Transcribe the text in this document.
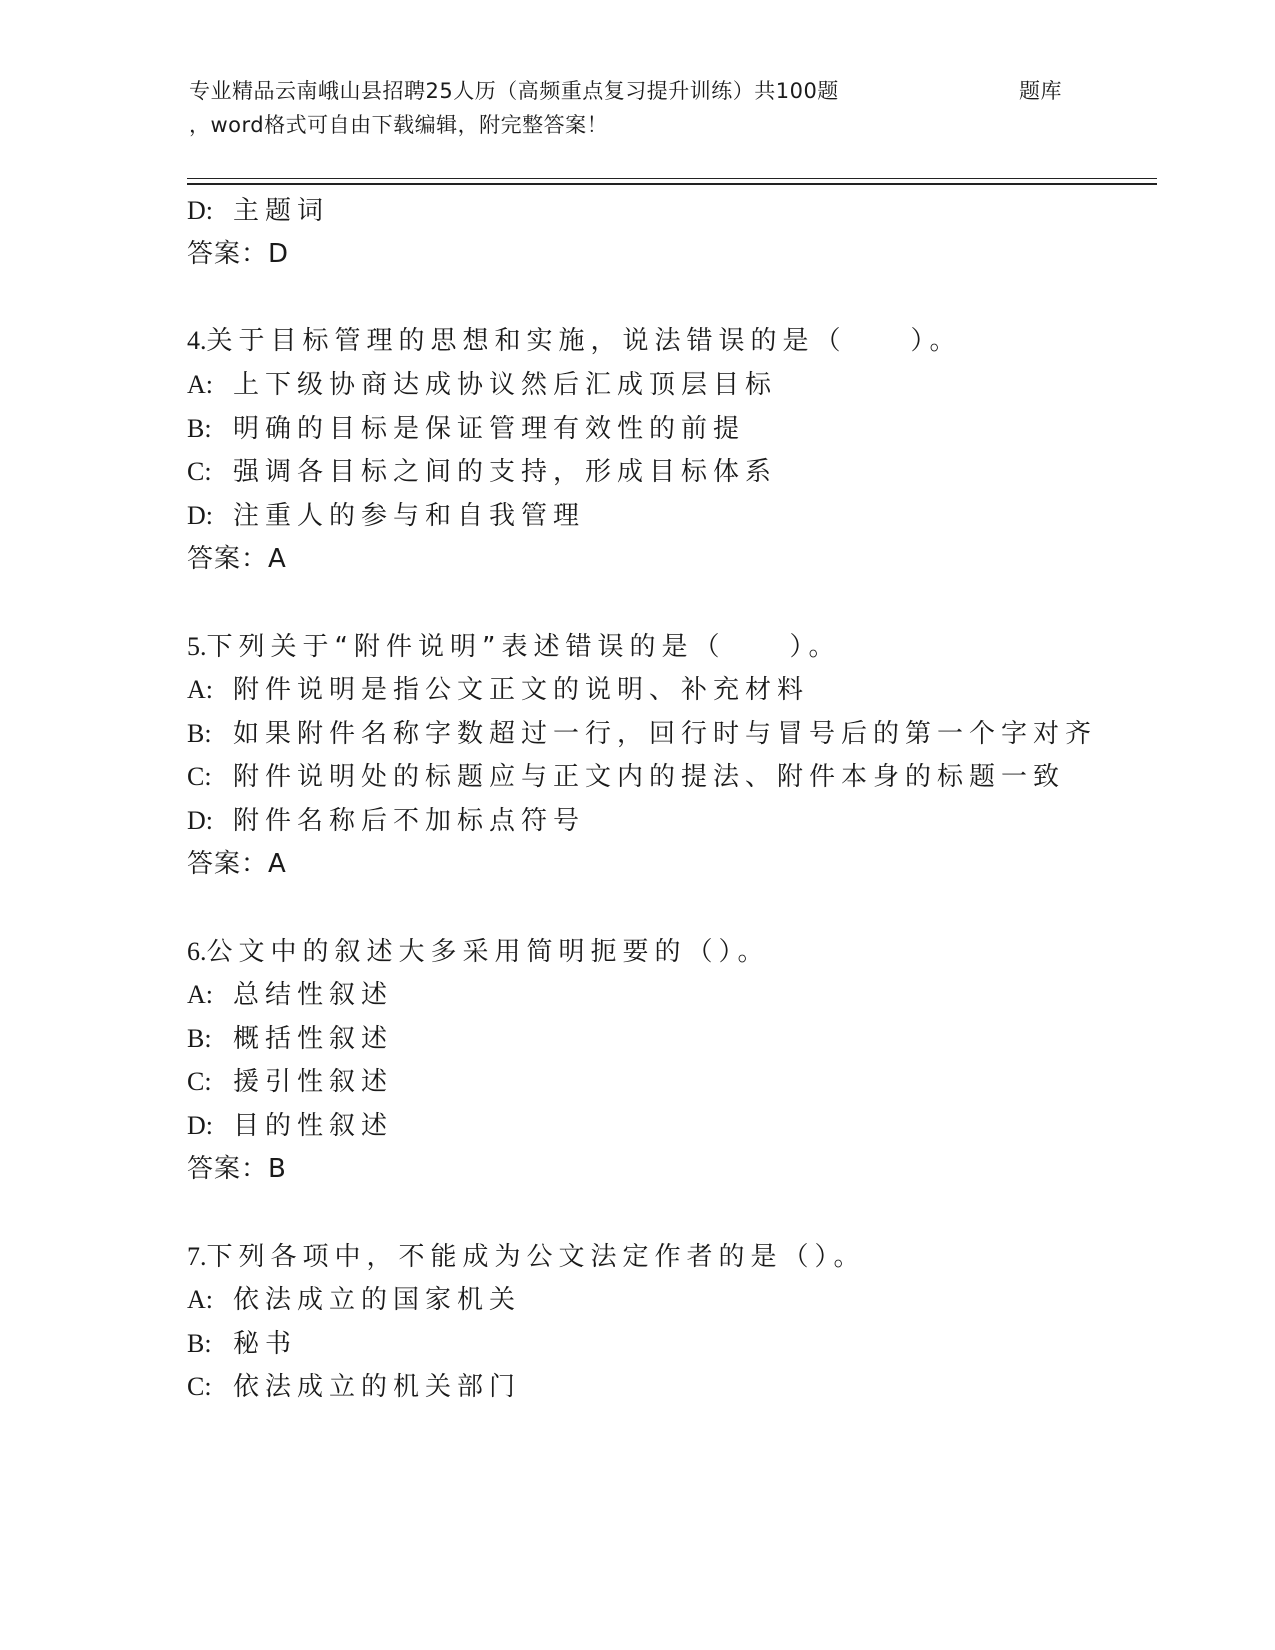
专业精品云南峨山县招聘25人历（高频重点复习提升训练）共100题	题库
，word格式可自由下载编辑，附完整答案！
D: 主题词
答案：D
4.关于目标管理的思想和实施，说法错误的是（　　）。
A: 上下级协商达成协议然后汇成顶层目标
B: 明确的目标是保证管理有效性的前提
C: 强调各目标之间的支持，形成目标体系
D: 注重人的参与和自我管理
答案：A
5.下列关于“附件说明”表述错误的是（　　）。
A: 附件说明是指公文正文的说明、补充材料
B: 如果附件名称字数超过一行，回行时与冒号后的第一个字对齐
C: 附件说明处的标题应与正文内的提法、附件本身的标题一致
D: 附件名称后不加标点符号
答案：A
6.公文中的叙述大多采用简明扼要的（）。
A: 总结性叙述
B: 概括性叙述
C: 援引性叙述
D: 目的性叙述
答案：B
7.下列各项中，不能成为公文法定作者的是（）。
A: 依法成立的国家机关
B: 秘书
C: 依法成立的机关部门
